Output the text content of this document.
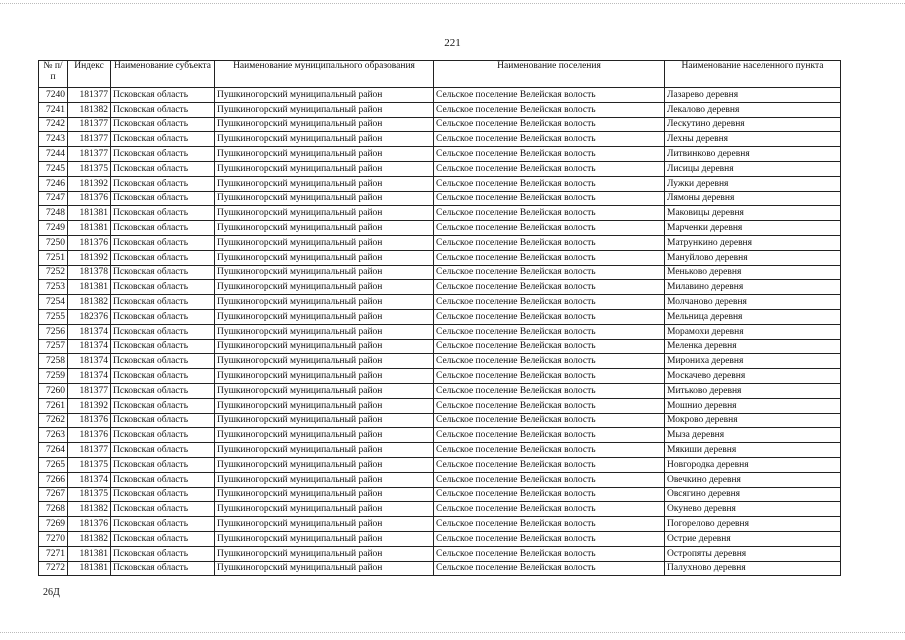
221
№ п/п	Индекс	Наименование субъекта	Наименование муниципального образования	Наименование поселения	Наименование населенного пункта
7240	181377	Псковская область	Пушкиногорский муниципальный район	Сельское поселение Велейская волость	Лазарево деревня
7241	181382	Псковская область	Пушкиногорский муниципальный район	Сельское поселение Велейская волость	Лекалово деревня
7242	181377	Псковская область	Пушкиногорский муниципальный район	Сельское поселение Велейская волость	Лескутино деревня
7243	181377	Псковская область	Пушкиногорский муниципальный район	Сельское поселение Велейская волость	Лехны деревня
7244	181377	Псковская область	Пушкиногорский муниципальный район	Сельское поселение Велейская волость	Литвинково деревня
7245	181375	Псковская область	Пушкиногорский муниципальный район	Сельское поселение Велейская волость	Лисицы деревня
7246	181392	Псковская область	Пушкиногорский муниципальный район	Сельское поселение Велейская волость	Лужки деревня
7247	181376	Псковская область	Пушкиногорский муниципальный район	Сельское поселение Велейская волость	Лямоны деревня
7248	181381	Псковская область	Пушкиногорский муниципальный район	Сельское поселение Велейская волость	Маковицы деревня
7249	181381	Псковская область	Пушкиногорский муниципальный район	Сельское поселение Велейская волость	Марченки деревня
7250	181376	Псковская область	Пушкиногорский муниципальный район	Сельское поселение Велейская волость	Матрункино деревня
7251	181392	Псковская область	Пушкиногорский муниципальный район	Сельское поселение Велейская волость	Мануйлово деревня
7252	181378	Псковская область	Пушкиногорский муниципальный район	Сельское поселение Велейская волость	Меньково деревня
7253	181381	Псковская область	Пушкиногорский муниципальный район	Сельское поселение Велейская волость	Милавино деревня
7254	181382	Псковская область	Пушкиногорский муниципальный район	Сельское поселение Велейская волость	Молчаново деревня
7255	182376	Псковская область	Пушкиногорский муниципальный район	Сельское поселение Велейская волость	Мельница деревня
7256	181374	Псковская область	Пушкиногорский муниципальный район	Сельское поселение Велейская волость	Морамохи деревня
7257	181374	Псковская область	Пушкиногорский муниципальный район	Сельское поселение Велейская волость	Меленка деревня
7258	181374	Псковская область	Пушкиногорский муниципальный район	Сельское поселение Велейская волость	Мирониха деревня
7259	181374	Псковская область	Пушкиногорский муниципальный район	Сельское поселение Велейская волость	Москачево деревня
7260	181377	Псковская область	Пушкиногорский муниципальный район	Сельское поселение Велейская волость	Митьково деревня
7261	181392	Псковская область	Пушкиногорский муниципальный район	Сельское поселение Велейская волость	Мошнио деревня
7262	181376	Псковская область	Пушкиногорский муниципальный район	Сельское поселение Велейская волость	Мокрово деревня
7263	181376	Псковская область	Пушкиногорский муниципальный район	Сельское поселение Велейская волость	Мыза деревня
7264	181377	Псковская область	Пушкиногорский муниципальный район	Сельское поселение Велейская волость	Мякиши деревня
7265	181375	Псковская область	Пушкиногорский муниципальный район	Сельское поселение Велейская волость	Новгородка деревня
7266	181374	Псковская область	Пушкиногорский муниципальный район	Сельское поселение Велейская волость	Овечкино деревня
7267	181375	Псковская область	Пушкиногорский муниципальный район	Сельское поселение Велейская волость	Овсягино деревня
7268	181382	Псковская область	Пушкиногорский муниципальный район	Сельское поселение Велейская волость	Окунево деревня
7269	181376	Псковская область	Пушкиногорский муниципальный район	Сельское поселение Велейская волость	Погорелово деревня
7270	181382	Псковская область	Пушкиногорский муниципальный район	Сельское поселение Велейская волость	Острие деревня
7271	181381	Псковская область	Пушкиногорский муниципальный район	Сельское поселение Велейская волость	Остропяты деревня
7272	181381	Псковская область	Пушкиногорский муниципальный район	Сельское поселение Велейская волость	Палухново деревня
26Д
